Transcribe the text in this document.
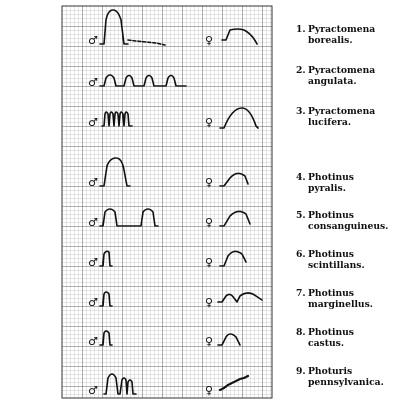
♂
♂
♂
♂
♂
♂
♂
♂
♂
♀
♀
♀
♀
♀
♀
♀
♀
1. Pyractomena
borealis.
2. Pyractomena
angulata.
3. Pyractomena
lucifera.
4. Photinus
pyralis.
5. Photinus
consanguineus.
6. Photinus
scintillans.
7. Photinus
marginellus.
8. Photinus
castus.
9. Photuris
pennsylvanica.
